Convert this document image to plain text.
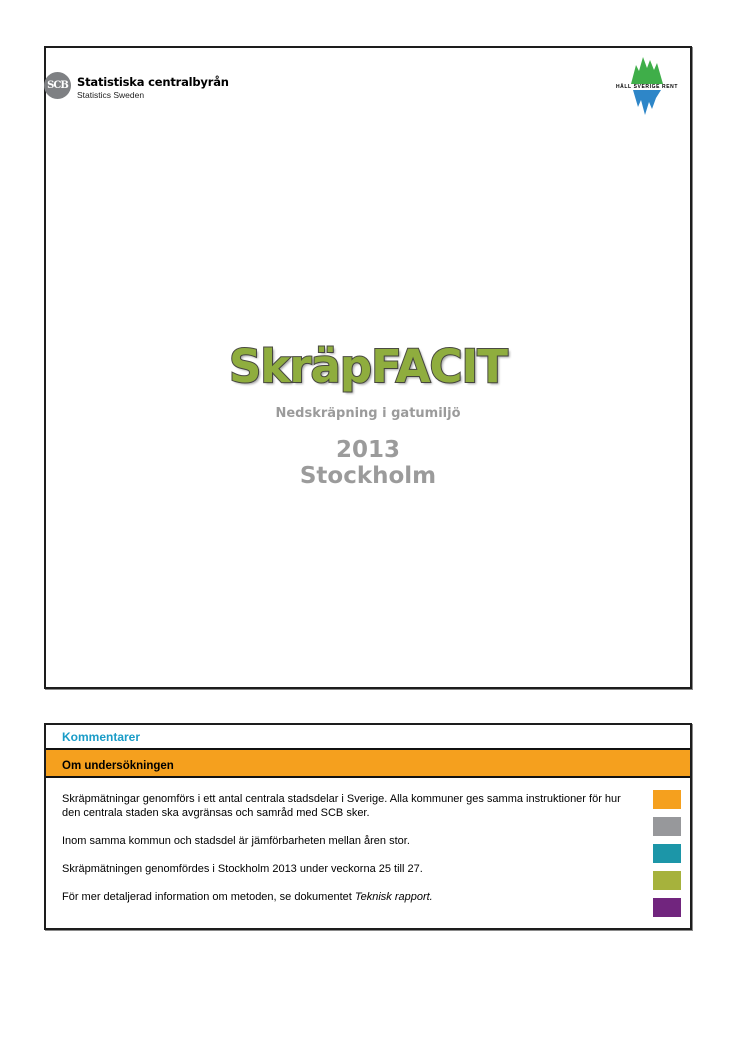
SCB Statistiska centralbyrån
Statistics Sweden
HÅLL SVERIGE RENT
SkräpFACIT
Nedskräpning i gatumiljö
2013
Stockholm
Kommentarer
Om undersökningen

Skräpmätningar genomförs i ett antal centrala stadsdelar i Sverige. Alla kommuner ges samma instruktioner för hur den centrala staden ska avgränsas och samråd med SCB sker.

Inom samma kommun och stadsdel är jämförbarheten mellan åren stor.

Skräpmätningen genomfördes i Stockholm 2013 under veckorna 25 till 27.

För mer detaljerad information om metoden, se dokumentet Teknisk rapport.
